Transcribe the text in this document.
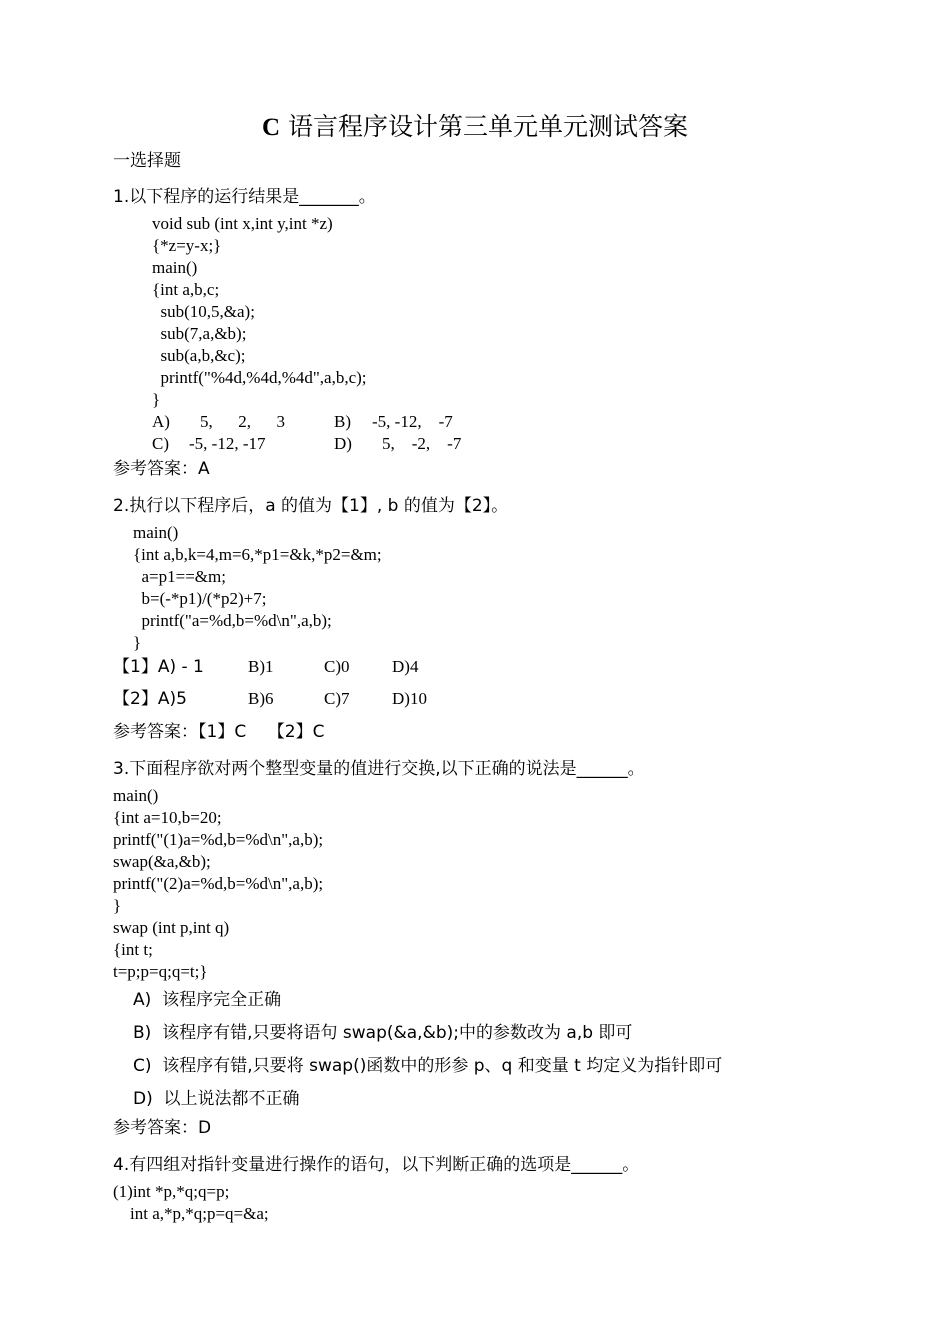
C 语言程序设计第三单元单元测试答案
一选择题
1.以下程序的运行结果是_______。
void sub (int x,int y,int *z)
{*z=y-x;}
main()
{int a,b,c;
sub(10,5,&a);
sub(7,a,&b);
sub(a,b,&c);
printf("%4d,%4d,%4d",a,b,c);
}
A) 5,      2,      3	B) -5, -12,    -7
C) -5, -12, -17	D) 5,    -2,    -7
参考答案：A
2.执行以下程序后，a 的值为【1】, b 的值为【2】。
main()
{int a,b,k=4,m=6,*p1=&k,*p2=&m;
a=p1==&m;
b=(-*p1)/(*p2)+7;
printf("a=%d,b=%d\n",a,b);
}
【1】A) - 1	B)1	C)0	D)4
【2】A)5	B)6	C)7	D)10
参考答案：【1】C    【2】C
3.下面程序欲对两个整型变量的值进行交换,以下正确的说法是______。
main()
{int a=10,b=20;
printf("(1)a=%d,b=%d\n",a,b);
swap(&a,&b);
printf("(2)a=%d,b=%d\n",a,b);
}
swap (int p,int q)
{int t;
t=p;p=q;q=t;}
A)  该程序完全正确
B)  该程序有错,只要将语句 swap(&a,&b);中的参数改为 a,b 即可
C)  该程序有错,只要将 swap()函数中的形参 p、q 和变量 t 均定义为指针即可
D)  以上说法都不正确
参考答案：D
4.有四组对指针变量进行操作的语句，以下判断正确的选项是______。
(1)int *p,*q;q=p;
int a,*p,*q;p=q=&a;
